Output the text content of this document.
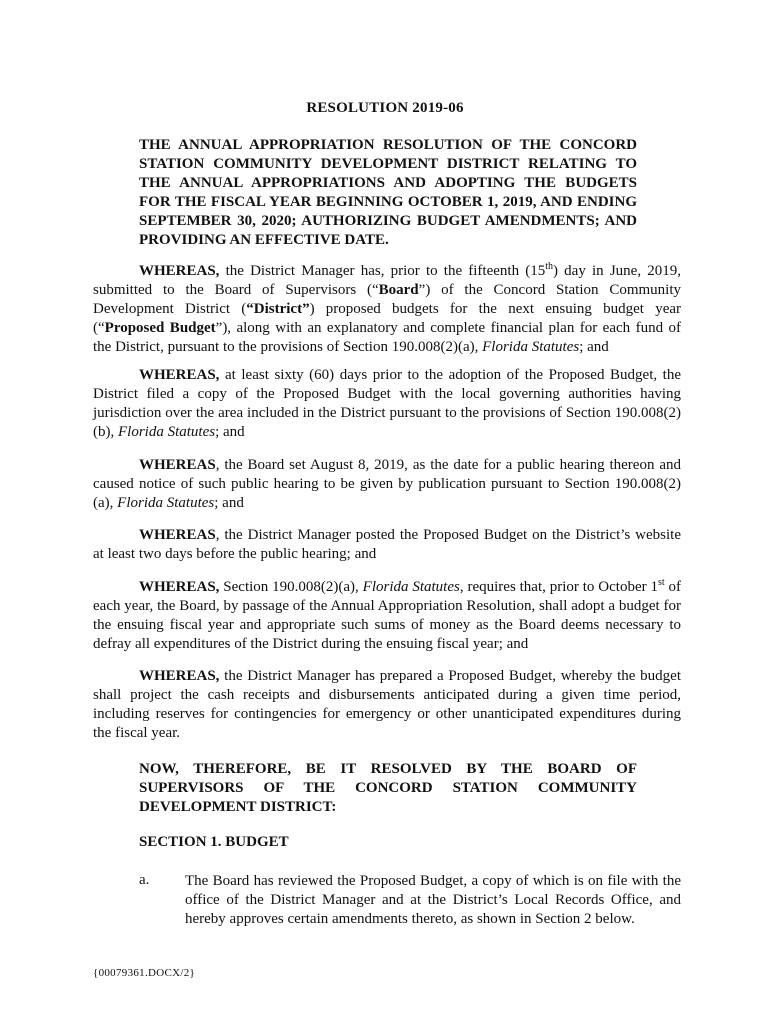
RESOLUTION 2019-06
THE ANNUAL APPROPRIATION RESOLUTION OF THE CONCORD STATION COMMUNITY DEVELOPMENT DISTRICT RELATING TO THE ANNUAL APPROPRIATIONS AND ADOPTING THE BUDGETS FOR THE FISCAL YEAR BEGINNING OCTOBER 1, 2019, AND ENDING SEPTEMBER 30, 2020; AUTHORIZING BUDGET AMENDMENTS; AND PROVIDING AN EFFECTIVE DATE.
WHEREAS, the District Manager has, prior to the fifteenth (15th) day in June, 2019, submitted to the Board of Supervisors (“Board”) of the Concord Station Community Development District (“District”) proposed budgets for the next ensuing budget year (“Proposed Budget”), along with an explanatory and complete financial plan for each fund of the District, pursuant to the provisions of Section 190.008(2)(a), Florida Statutes; and
WHEREAS, at least sixty (60) days prior to the adoption of the Proposed Budget, the District filed a copy of the Proposed Budget with the local governing authorities having jurisdiction over the area included in the District pursuant to the provisions of Section 190.008(2)(b), Florida Statutes; and
WHEREAS, the Board set August 8, 2019, as the date for a public hearing thereon and caused notice of such public hearing to be given by publication pursuant to Section 190.008(2)(a), Florida Statutes; and
WHEREAS, the District Manager posted the Proposed Budget on the District’s website at least two days before the public hearing; and
WHEREAS, Section 190.008(2)(a), Florida Statutes, requires that, prior to October 1st of each year, the Board, by passage of the Annual Appropriation Resolution, shall adopt a budget for the ensuing fiscal year and appropriate such sums of money as the Board deems necessary to defray all expenditures of the District during the ensuing fiscal year; and
WHEREAS, the District Manager has prepared a Proposed Budget, whereby the budget shall project the cash receipts and disbursements anticipated during a given time period, including reserves for contingencies for emergency or other unanticipated expenditures during the fiscal year.
NOW, THEREFORE, BE IT RESOLVED BY THE BOARD OF SUPERVISORS OF THE CONCORD STATION COMMUNITY DEVELOPMENT DISTRICT:
SECTION 1. BUDGET
a. The Board has reviewed the Proposed Budget, a copy of which is on file with the office of the District Manager and at the District’s Local Records Office, and hereby approves certain amendments thereto, as shown in Section 2 below.
{00079361.DOCX/2}
